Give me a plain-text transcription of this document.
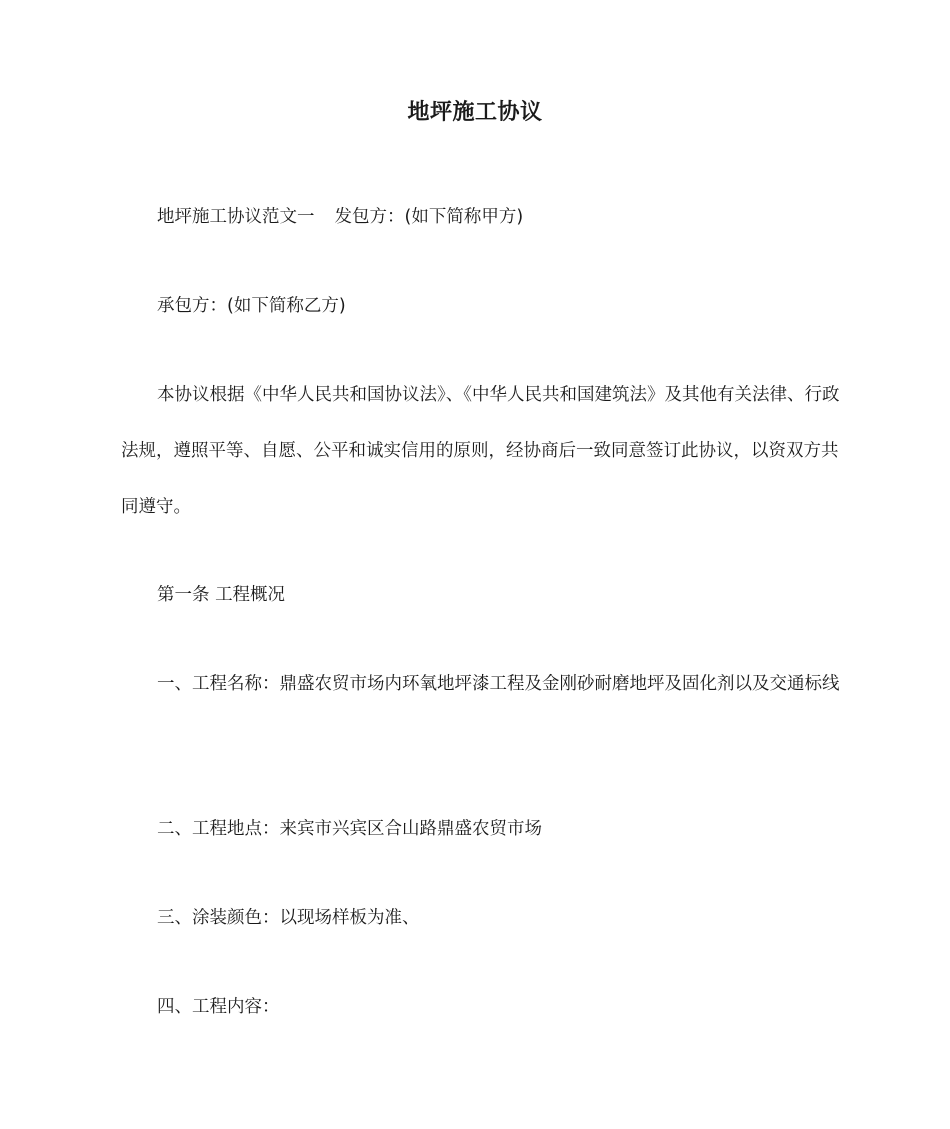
地坪施工协议

地坪施工协议范文一 发包方：(如下简称甲方)

承包方：(如下简称乙方)

本协议根据《中华人民共和国协议法》、《中华人民共和国建筑法》及其他有关法律、行政法规，遵照平等、自愿、公平和诚实信用的原则，经协商后一致同意签订此协议，以资双方共同遵守。

第一条 工程概况

一、工程名称：鼎盛农贸市场内环氧地坪漆工程及金刚砂耐磨地坪及固化剂以及交通标线

二、工程地点：来宾市兴宾区合山路鼎盛农贸市场

三、涂装颜色：以现场样板为准、

四、工程内容：
